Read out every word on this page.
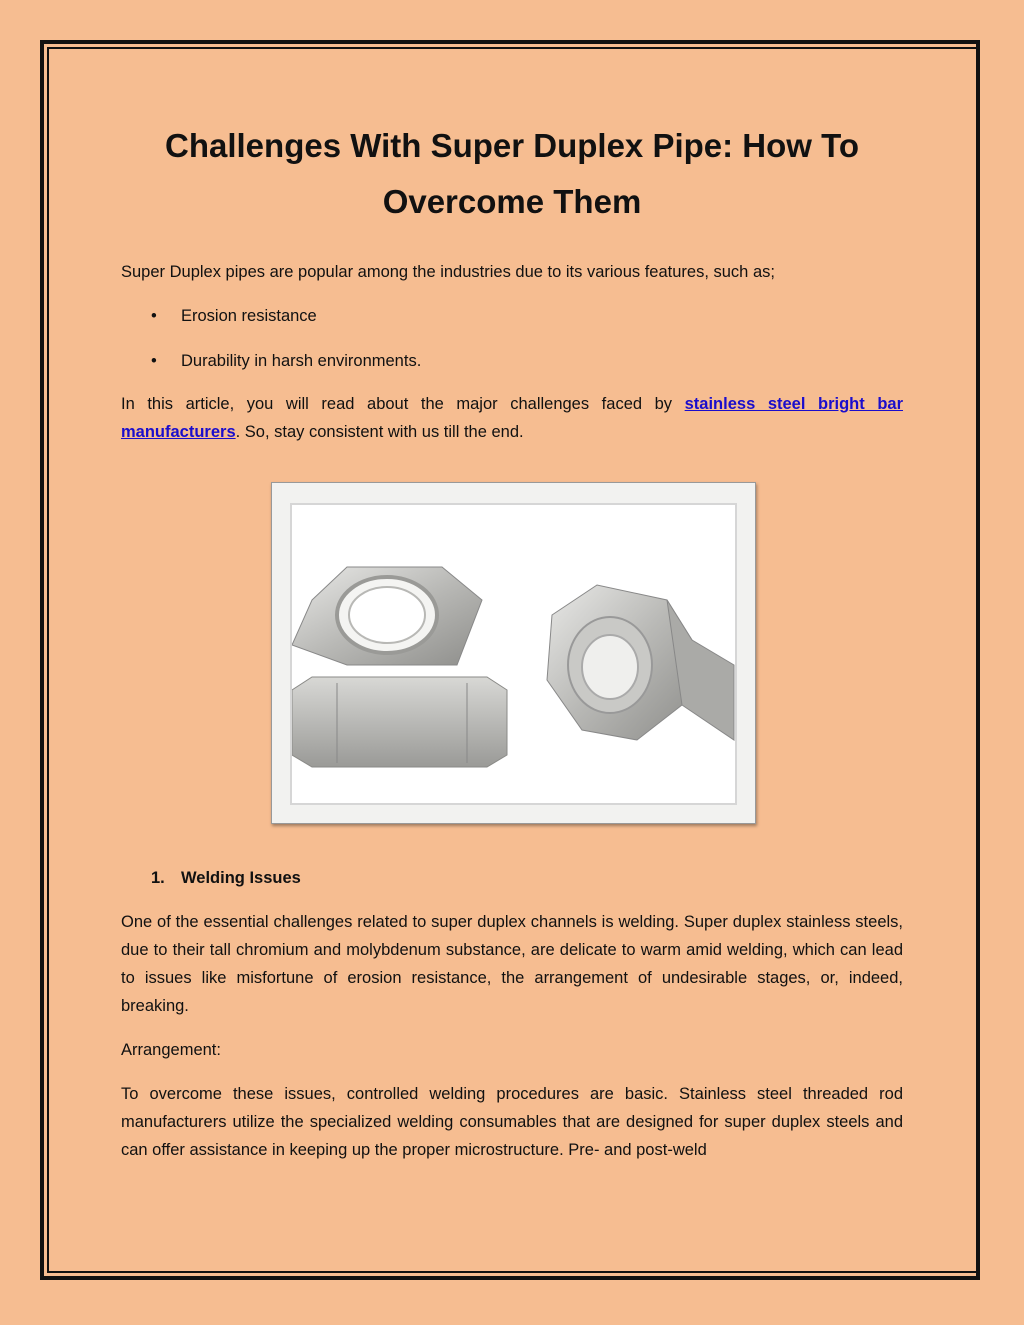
Challenges With Super Duplex Pipe: How To Overcome Them

Super Duplex pipes are popular among the industries due to its various features, such as;

• Erosion resistance
• Durability in harsh environments.

In this article, you will read about the major challenges faced by stainless steel bright bar manufacturers. So, stay consistent with us till the end.

1. Welding Issues

One of the essential challenges related to super duplex channels is welding. Super duplex stainless steels, due to their tall chromium and molybdenum substance, are delicate to warm amid welding, which can lead to issues like misfortune of erosion resistance, the arrangement of undesirable stages, or, indeed, breaking.

Arrangement:

To overcome these issues, controlled welding procedures are basic. Stainless steel threaded rod manufacturers utilize the specialized welding consumables that are designed for super duplex steels and can offer assistance in keeping up the proper microstructure. Pre- and post-weld
